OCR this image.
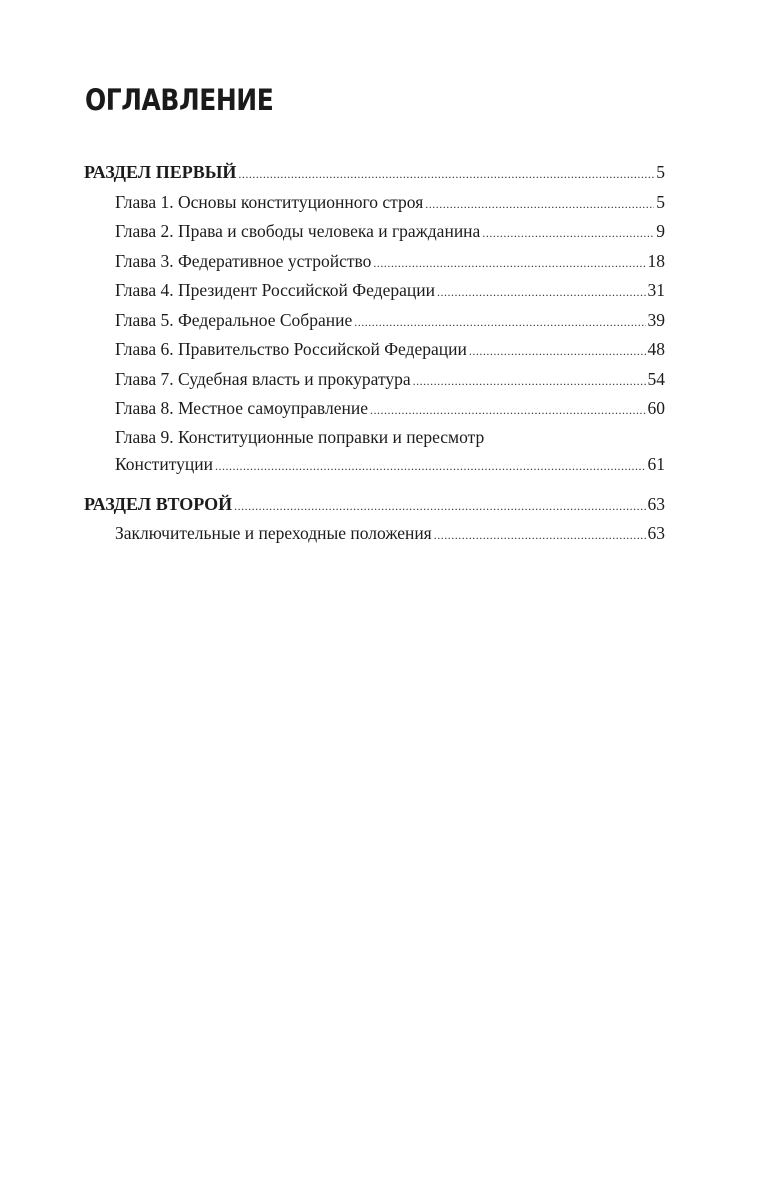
ОГЛАВЛЕНИЕ
РАЗДЕЛ ПЕРВЫЙ .....	5
Глава 1. Основы конституционного строя .....	5
Глава 2. Права и свободы человека и гражданина .....	9
Глава 3. Федеративное устройство .....	18
Глава 4. Президент Российской Федерации .....	31
Глава 5. Федеральное Собрание .....	39
Глава 6. Правительство Российской Федерации .....	48
Глава 7. Судебная власть и прокуратура .....	54
Глава 8. Местное самоуправление .....	60
Глава 9. Конституционные поправки и пересмотр
Конституции .....	61
РАЗДЕЛ ВТОРОЙ .....	63
Заключительные и переходные положения .....	63
